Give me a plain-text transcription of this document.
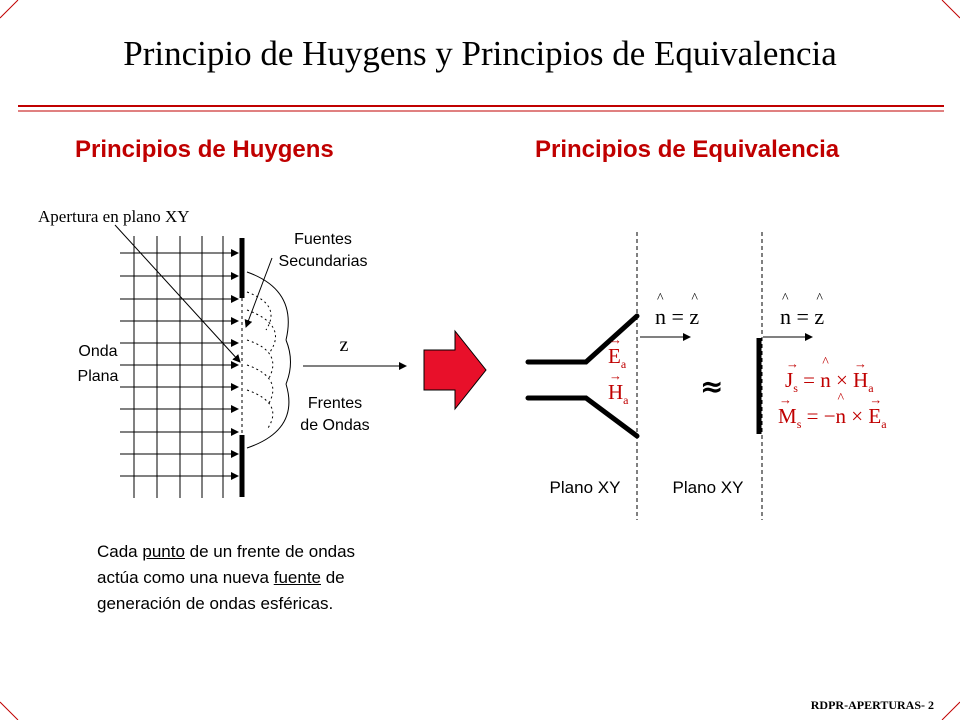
Principio de Huygens y Principios de Equivalencia
Principios de Huygens	Principios de Equivalencia
Apertura en plano XY
Fuentes
Secundarias
Onda
Plana
z
Frentes
de Ondas
Cada punto de un frente de ondas actúa como una nueva fuente de generación de ondas esféricas.
^
n =
^
z
^
n =
^
z
→
$E_a$
→
$H_a$	≈
→
$J_s$ =
^
n ×
→
$H_a$
→
$M_s$ = −
^
n ×
→
$E_a$
Plano XY	Plano XY
RDPR-APERTURAS- 2
